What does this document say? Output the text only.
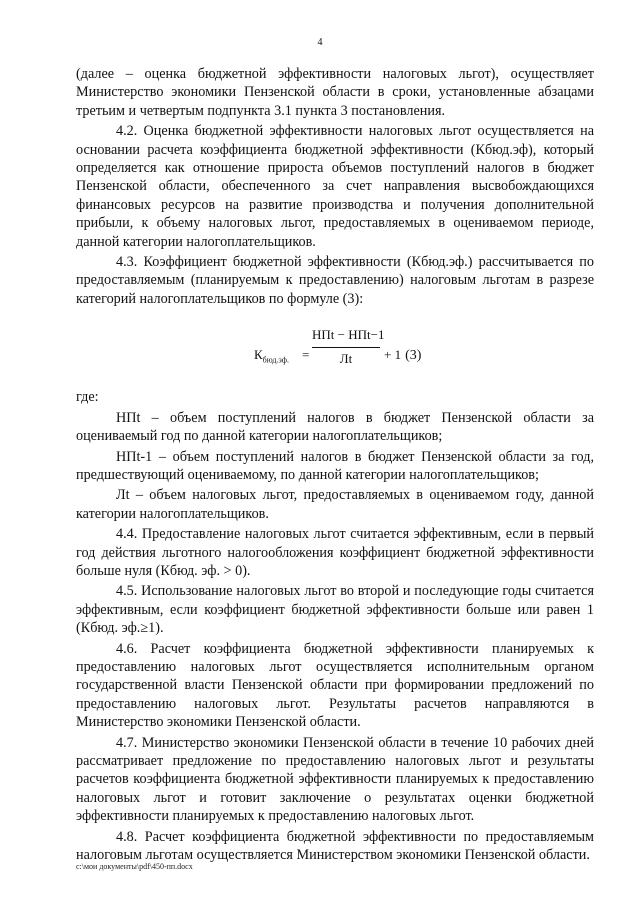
4

(далее – оценка бюджетной эффективности налоговых льгот), осуществляет Министерство экономики Пензенской области в сроки, установленные абзацами третьим и четвертым подпункта 3.1 пункта 3 постановления.

4.2. Оценка бюджетной эффективности налоговых льгот осуществляется на основании расчета коэффициента бюджетной эффективности (Кбюд.эф), который определяется как отношение прироста объемов поступлений налогов в бюджет Пензенской области, обеспеченного за счет направления высвобождающихся финансовых ресурсов на развитие производства и получения дополнительной прибыли, к объему налоговых льгот, предоставляемых в оцениваемом периоде, данной категории налогоплательщиков.

4.3. Коэффициент бюджетной эффективности (Кбюд.эф.) рассчитывается по предоставляемым (планируемым к предоставлению) налоговым льготам в разрезе категорий налогоплательщиков по формуле (3):

$К_{бюд.эф.}$ =
НПt − НПt−1
Лt	+ 1 (3)

где:

НПt – объем поступлений налогов в бюджет Пензенской области за оцениваемый год по данной категории налогоплательщиков;

НПt-1 – объем поступлений налогов в бюджет Пензенской области за год, предшествующий оцениваемому, по данной категории налогоплательщиков;

Лt – объем налоговых льгот, предоставляемых в оцениваемом году, данной категории налогоплательщиков.

4.4. Предоставление налоговых льгот считается эффективным, если в первый год действия льготного налогообложения коэффициент бюджетной эффективности больше нуля (Кбюд. эф. > 0).

4.5. Использование налоговых льгот во второй и последующие годы считается эффективным, если коэффициент бюджетной эффективности больше или равен 1 (Кбюд. эф.≥1).

4.6. Расчет коэффициента бюджетной эффективности планируемых к предоставлению налоговых льгот осуществляется исполнительным органом государственной власти Пензенской области при формировании предложений по предоставлению налоговых льгот. Результаты расчетов направляются в Министерство экономики Пензенской области.

4.7. Министерство экономики Пензенской области в течение 10 рабочих дней рассматривает предложение по предоставлению налоговых льгот и результаты расчетов коэффициента бюджетной эффективности планируемых к предоставлению налоговых льгот и готовит заключение о результатах оценки бюджетной эффективности планируемых к предоставлению налоговых льгот.

4.8. Расчет коэффициента бюджетной эффективности по предоставляемым налоговым льготам осуществляется Министерством экономики Пензенской области.

c:\мои документы\pdf\450-пп.docx
